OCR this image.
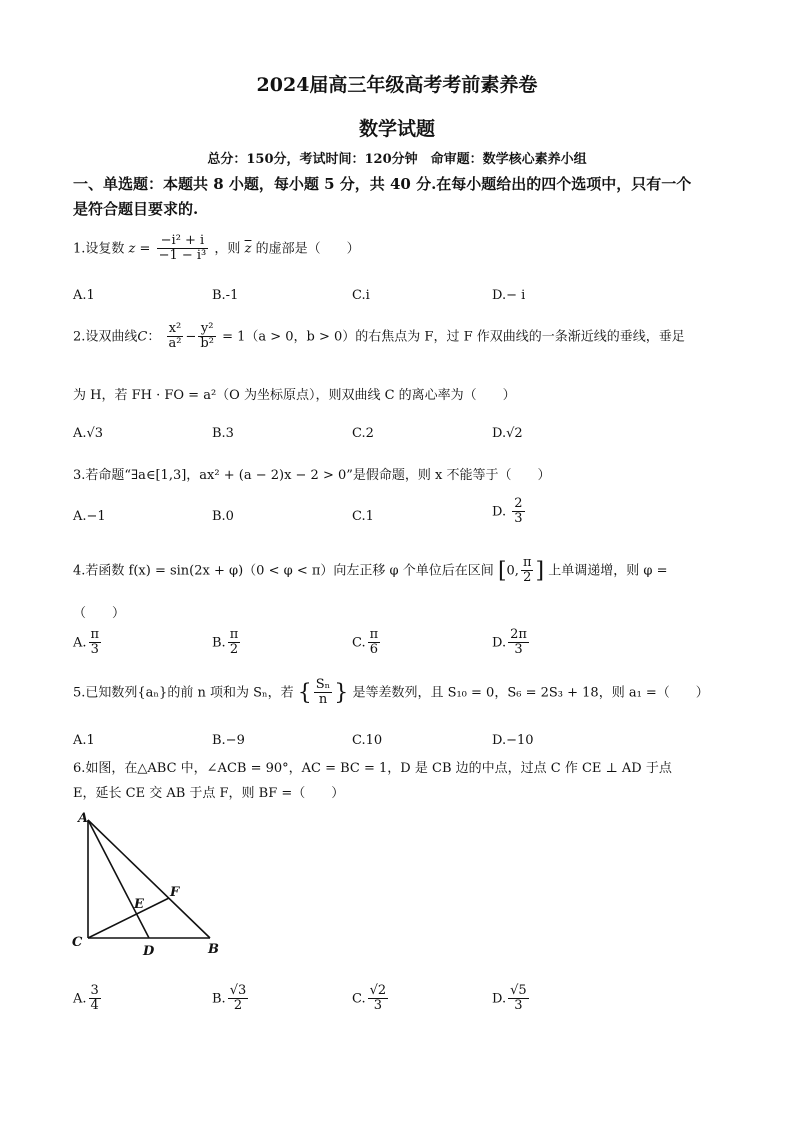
2024届高三年级高考考前素养卷
数学试题
总分：150分，考试时间：120分钟　命审题：数学核心素养小组
一、单选题：本题共 8 小题，每小题 5 分，共 40 分.在每小题给出的四个选项中，只有一个
是符合题目要求的.
1.设复数 $z = \frac{\text{−i² + i}}{\text{−1 − i³}}$ ，则 $\overline{z}$ 的虚部是（　　）
A.1	B.-1	C.i	D.− i
2.设双曲线C： $\frac{\text{x²}}{\text{a²}} - \frac{\text{y²}}{\text{b²}} = 1(a > 0$，b > 0）的右焦点为 F，过 F 作双曲线的一条渐近线的垂线，垂足
为 H，若 FH · FO = a²（O 为坐标原点），则双曲线 C 的离心率为（　　）
A.√3	B.3	C.2	D.√2
3.若命题“∃a∈[1,3]，ax² + (a − 2)x − 2 > 0”是假命题，则 x 不能等于（　　）
A.−1	B.0	C.1	D. $\frac{2}{3}$
4.若函数 f(x) = sin(2x + φ)（0 < φ < π）向左正移 φ 个单位后在区间 [0, $\frac{\pi}{2}$ ] 上单调递增，则 φ =
（　　）
A. $\frac{\pi}{3}$	B. $\frac{\pi}{2}$	C. $\frac{\pi}{6}$	D. $\frac{2\pi}{3}$
5.已知数列{aₙ}的前 n 项和为 Sₙ，若 { $\frac{\text{Sₙ}}{n}$ } 是等差数列，且 S₁₀ = 0，S₆ = 2S₃ + 18，则 a₁ =（　　）
A.1	B.−9	C.10	D.−10
6.如图，在△ABC 中，∠ACB = 90°，AC = BC = 1，D 是 CB 边的中点，过点 C 作 CE ⊥ AD 于点
E，延长 CE 交 AB 于点 F，则 BF =（　　）
A
C
D	B
E
F
A. $\frac{3}{4}$	B. $\frac{√3}{2}$	C. $\frac{√2}{3}$	D. $\frac{√5}{3}$
